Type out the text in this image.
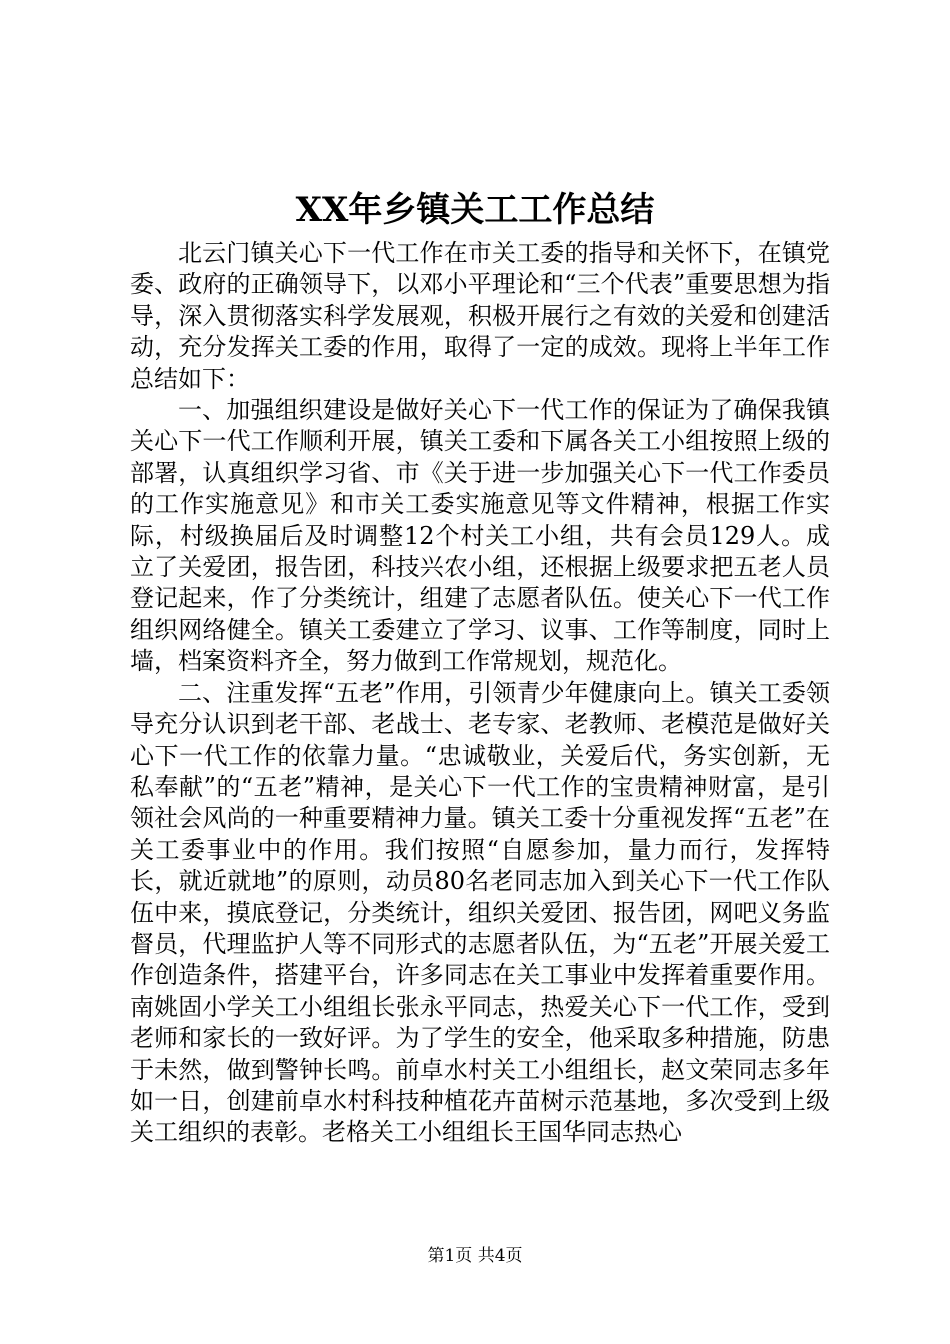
XX年乡镇关工工作总结

北云门镇关心下一代工作在市关工委的指导和关怀下，在镇党委、政府的正确领导下，以邓小平理论和“三个代表”重要思想为指导，深入贯彻落实科学发展观，积极开展行之有效的关爱和创建活动，充分发挥关工委的作用，取得了一定的成效。现将上半年工作总结如下：

一、加强组织建设是做好关心下一代工作的保证为了确保我镇关心下一代工作顺利开展，镇关工委和下属各关工小组按照上级的部署，认真组织学习省、市《关于进一步加强关心下一代工作委员的工作实施意见》和市关工委实施意见等文件精神，根据工作实际，村级换届后及时调整12个村关工小组，共有会员129人。成立了关爱团，报告团，科技兴农小组，还根据上级要求把五老人员登记起来，作了分类统计，组建了志愿者队伍。使关心下一代工作组织网络健全。镇关工委建立了学习、议事、工作等制度，同时上墙，档案资料齐全，努力做到工作常规划，规范化。

二、注重发挥“五老”作用，引领青少年健康向上。镇关工委领导充分认识到老干部、老战士、老专家、老教师、老模范是做好关心下一代工作的依靠力量。“忠诚敬业，关爱后代，务实创新，无私奉献”的“五老”精神，是关心下一代工作的宝贵精神财富，是引领社会风尚的一种重要精神力量。镇关工委十分重视发挥“五老”在关工委事业中的作用。我们按照“自愿参加，量力而行，发挥特长，就近就地”的原则，动员80名老同志加入到关心下一代工作队伍中来，摸底登记，分类统计，组织关爱团、报告团，网吧义务监督员，代理监护人等不同形式的志愿者队伍，为“五老”开展关爱工作创造条件，搭建平台，许多同志在关工事业中发挥着重要作用。南姚固小学关工小组组长张永平同志，热爱关心下一代工作，受到老师和家长的一致好评。为了学生的安全，他采取多种措施，防患于未然，做到警钟长鸣。前卓水村关工小组组长，赵文荣同志多年如一日，创建前卓水村科技种植花卉苗树示范基地，多次受到上级关工组织的表彰。老格关工小组组长王国华同志热心

第1页 共4页
